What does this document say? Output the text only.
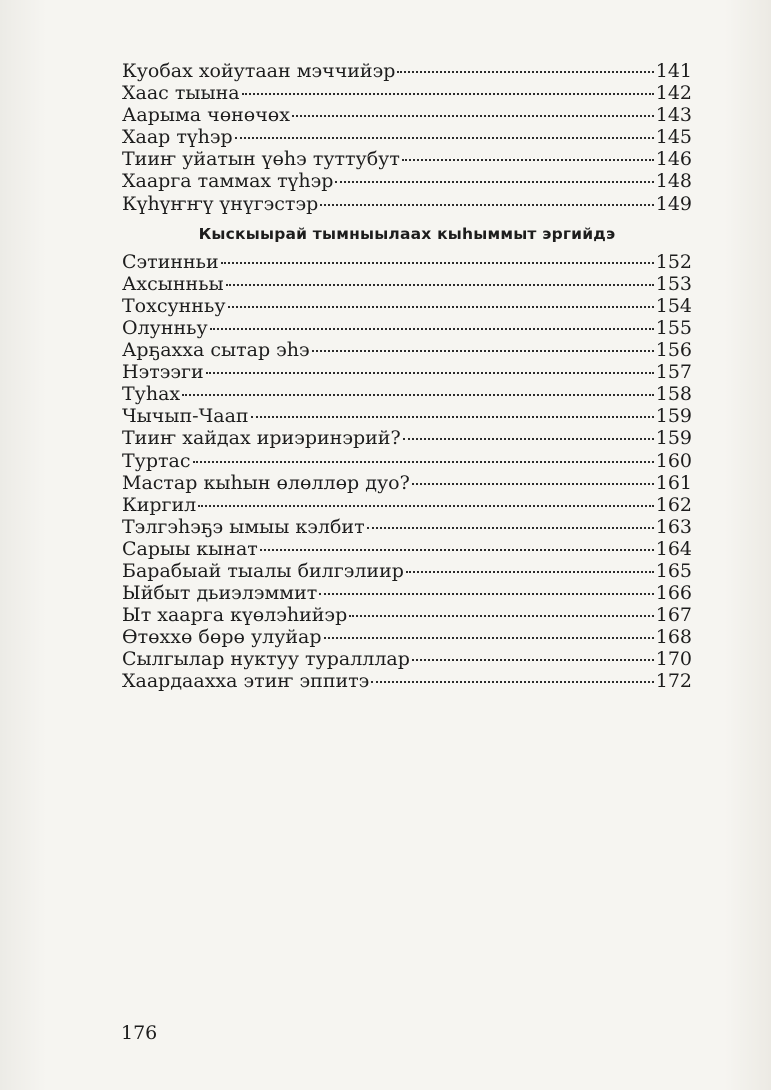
Куобах хойутаан мэччийэр	141
Хаас тыына	142
Аарыма чөнөчөх	143
Хаар түһэр	145
Тииҥ уйатын үөһэ туттубут	146
Хаарга таммах түһэр	148
Күһүҥҥү үнүгэстэр	149
Кыскыырай тымныылаах кыһыммыт эргийдэ
Сэтинньи	152
Ахсынньы	153
Тохсунньу	154
Олунньу	155
Арҕахха сытар эһэ	156
Нэтээги	157
Туһах	158
Чычып-Чаап	159
Тииҥ хайдах ириэринэрий?	159
Туртас	160
Мастар кыһын өлөллөр дуо?	161
Киргил	162
Тэлгэһэҕэ ымыы кэлбит	163
Сарыы кынат	164
Барабыай тыалы билгэлиир	165
Ыйбыт дьиэлэммит	166
Ыт хаарга күөлэһийэр	167
Өтөххө бөрө улуйар	168
Сылгылар нуктуу туралллар	170
Хаардаахха этиҥ эппитэ	172
176
